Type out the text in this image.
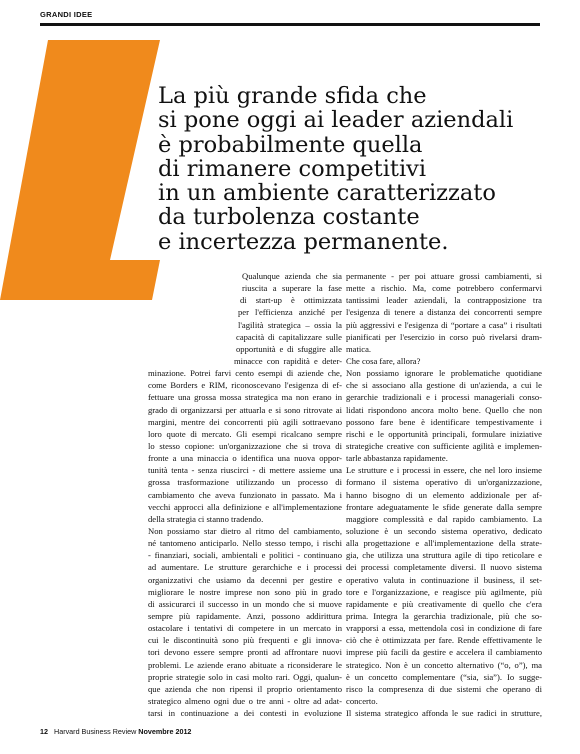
GRANDI IDEE
La più grande sfida che
si pone oggi ai leader aziendali
è probabilmente quella
di rimanere competitivi
in un ambiente caratterizzato
da turbolenza costante
e incertezza permanente.
Qualunque azienda che sia
riuscita a superare la fase
di start-up è ottimizzata
per l'efficienza anziché per
l'agilità strategica – ossia la
capacità di capitalizzare sulle
opportunità e di sfuggire alle
minacce con rapidità e deter-
minazione. Potrei farvi cento esempi di aziende che,
come Borders e RIM, riconoscevano l'esigenza di ef-
fettuare una grossa mossa strategica ma non erano in
grado di organizzarsi per attuarla e si sono ritrovate ai
margini, mentre dei concorrenti più agili sottraevano
loro quote di mercato. Gli esempi ricalcano sempre
lo stesso copione: un'organizzazione che si trova di
fronte a una minaccia o identifica una nuova oppor-
tunità tenta - senza riuscirci - di mettere assieme una
grossa trasformazione utilizzando un processo di
cambiamento che aveva funzionato in passato. Ma i
vecchi approcci alla definizione e all'implementazione
della strategia ci stanno tradendo.
Non possiamo star dietro al ritmo del cambiamento,
né tantomeno anticiparlo. Nello stesso tempo, i rischi
- finanziari, sociali, ambientali e politici - continuano
ad aumentare. Le strutture gerarchiche e i processi
organizzativi che usiamo da decenni per gestire e
migliorare le nostre imprese non sono più in grado
di assicurarci il successo in un mondo che si muove
sempre più rapidamente. Anzi, possono addirittura
ostacolare i tentativi di competere in un mercato in
cui le discontinuità sono più frequenti e gli innova-
tori devono essere sempre pronti ad affrontare nuovi
problemi. Le aziende erano abituate a riconsiderare le
proprie strategie solo in casi molto rari. Oggi, qualun-
que azienda che non ripensi il proprio orientamento
strategico almeno ogni due o tre anni - oltre ad adat-
tarsi in continuazione a dei contesti in evoluzione
permanente - per poi attuare grossi cambiamenti, si
mette a rischio. Ma, come potrebbero confermarvi
tantissimi leader aziendali, la contrapposizione tra
l'esigenza di tenere a distanza dei concorrenti sempre
più aggressivi e l'esigenza di “portare a casa” i risultati
pianificati per l'esercizio in corso può rivelarsi dram-
matica.
Che cosa fare, allora?
Non possiamo ignorare le problematiche quotidiane
che si associano alla gestione di un'azienda, a cui le
gerarchie tradizionali e i processi manageriali conso-
lidati rispondono ancora molto bene. Quello che non
possono fare bene è identificare tempestivamente i
rischi e le opportunità principali, formulare iniziative
strategiche creative con sufficiente agilità e implemen-
tarle abbastanza rapidamente.
Le strutture e i processi in essere, che nel loro insieme
formano il sistema operativo di un'organizzazione,
hanno bisogno di un elemento addizionale per af-
frontare adeguatamente le sfide generate dalla sempre
maggiore complessità e dal rapido cambiamento. La
soluzione è un secondo sistema operativo, dedicato
alla progettazione e all'implementazione della strate-
gia, che utilizza una struttura agile di tipo reticolare e
dei processi completamente diversi. Il nuovo sistema
operativo valuta in continuazione il business, il set-
tore e l'organizzazione, e reagisce più agilmente, più
rapidamente e più creativamente di quello che c'era
prima. Integra la gerarchia tradizionale, più che so-
vrapporsi a essa, mettendola così in condizione di fare
ciò che è ottimizzata per fare. Rende effettivamente le
imprese più facili da gestire e accelera il cambiamento
strategico. Non è un concetto alternativo (“o, o”), ma
è un concetto complementare (“sia, sia”). Io sugge-
risco la compresenza di due sistemi che operano di
concerto.
Il sistema strategico affonda le sue radici in strutture,
12 Harvard Business Review Novembre 2012
